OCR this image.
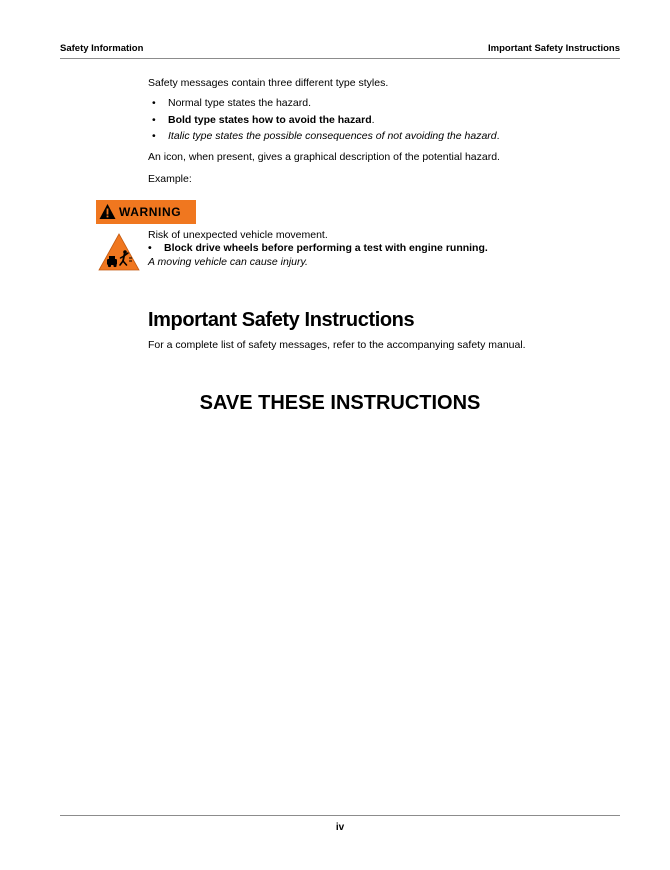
Safety Information	Important Safety Instructions
Safety messages contain three different type styles.
• Normal type states the hazard.
• Bold type states how to avoid the hazard.
• Italic type states the possible consequences of not avoiding the hazard.
An icon, when present, gives a graphical description of the potential hazard.
Example:
WARNING
Risk of unexpected vehicle movement.
• Block drive wheels before performing a test with engine running.
A moving vehicle can cause injury.
Important Safety Instructions
For a complete list of safety messages, refer to the accompanying safety manual.
SAVE THESE INSTRUCTIONS
iv
